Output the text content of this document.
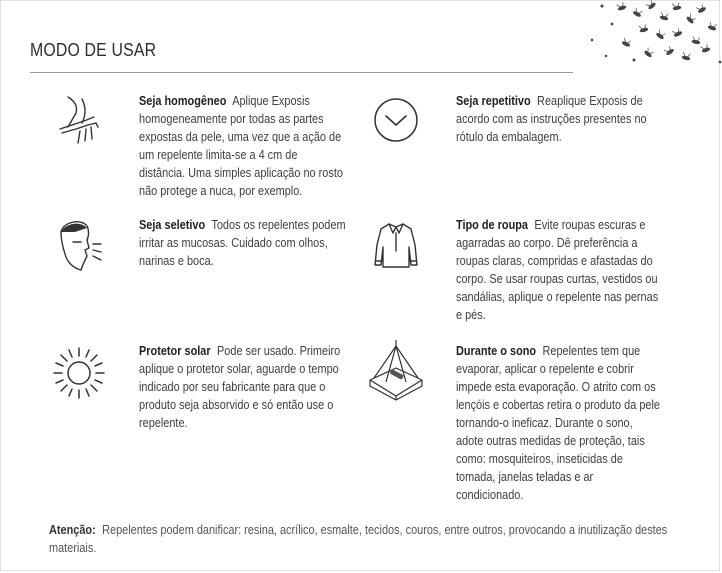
MODO DE USAR
Seja homogêneo Aplique Exposis homogeneamente por todas as partes expostas da pele, uma vez que a ação de um repelente limita-se a 4 cm de distância. Uma simples aplicação no rosto não protege a nuca, por exemplo.
Seja repetitivo Reaplique Exposis de acordo com as instruções presentes no rótulo da embalagem.
Seja seletivo Todos os repelentes podem irritar as mucosas. Cuidado com olhos, narinas e boca.
Tipo de roupa Evite roupas escuras e agarradas ao corpo. Dê preferência a roupas claras, compridas e afastadas do corpo. Se usar roupas curtas, vestidos ou sandálias, aplique o repelente nas pernas e pés.
Protetor solar Pode ser usado. Primeiro aplique o protetor solar, aguarde o tempo indicado por seu fabricante para que o produto seja absorvido e só então use o repelente.
Durante o sono Repelentes tem que evaporar, aplicar o repelente e cobrir impede esta evaporação. O atrito com os lençóis e cobertas retira o produto da pele tornando-o ineficaz. Durante o sono, adote outras medidas de proteção, tais como: mosquiteiros, inseticidas de tomada, janelas teladas e ar condicionado.
Atenção: Repelentes podem danificar: resina, acrílico, esmalte, tecidos, couros, entre outros, provocando a inutilização destes materiais.
